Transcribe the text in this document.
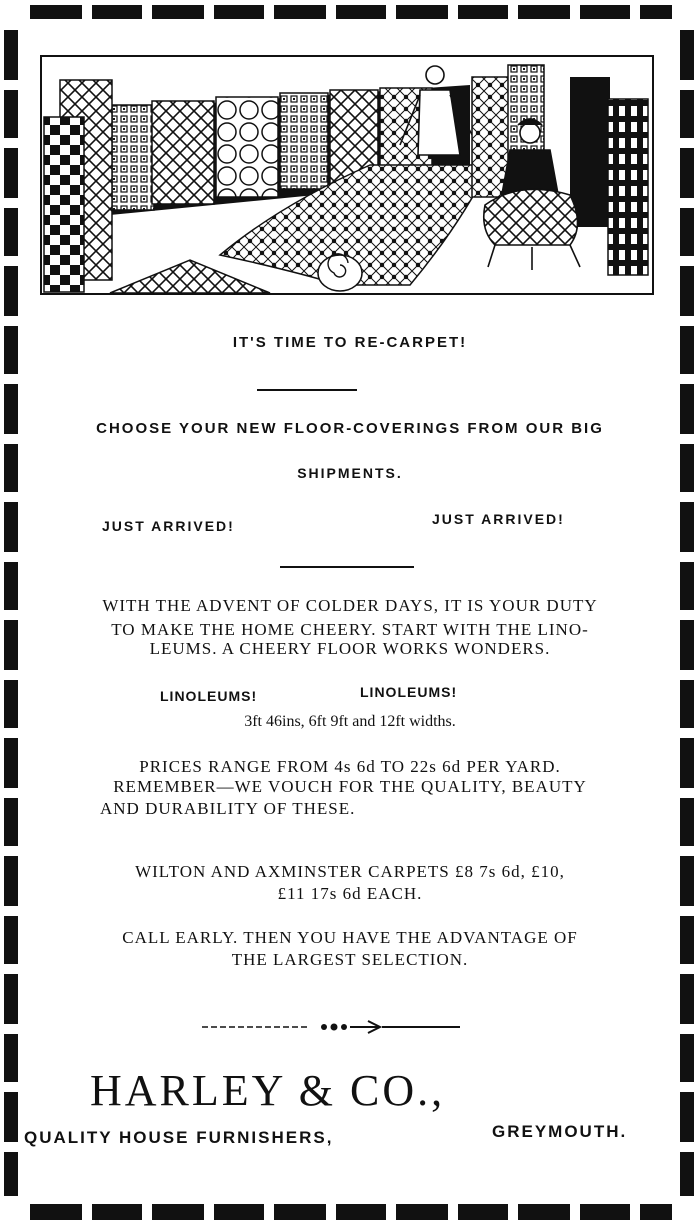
IT'S TIME TO RE-CARPET!
CHOOSE YOUR NEW FLOOR-COVERINGS FROM OUR BIG
SHIPMENTS.
JUST ARRIVED!	JUST ARRIVED!
WITH THE ADVENT OF COLDER DAYS, IT IS YOUR DUTY
TO MAKE THE HOME CHEERY. START WITH THE LINO-
LEUMS. A CHEERY FLOOR WORKS WONDERS.
LINOLEUMS!	LINOLEUMS!
3ft 46ins, 6ft 9ft and 12ft widths.
PRICES RANGE FROM 4s 6d TO 22s 6d PER YARD.
REMEMBER—WE VOUCH FOR THE QUALITY, BEAUTY
AND DURABILITY OF THESE.
WILTON AND AXMINSTER CARPETS £8 7s 6d, £10,
£11 17s 6d EACH.
CALL EARLY. THEN YOU HAVE THE ADVANTAGE OF
THE LARGEST SELECTION.
HARLEY & CO.,
QUALITY HOUSE FURNISHERS,	GREYMOUTH.
